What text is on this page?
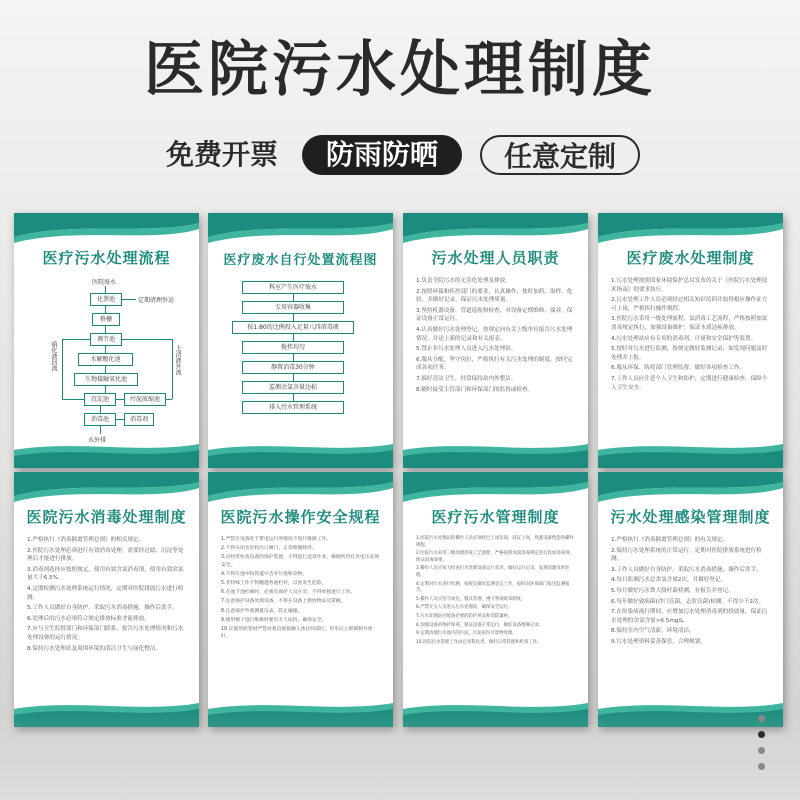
医院污水处理制度
免费开票	防雨防晒	任意定制
医疗污水处理流程
医院废水
化粪池	定期清理外运
格栅
调节池
水解酸化池
生物接触氧化池
沉淀池	污泥浓缩池
消毒池	消毒剂
水外排
硝化液回流	上清液外流
医疗废水自行处置流程图
科室产生医疗废水
专用容器收集
按1:80的比例投入足量八四消毒液
搅拌均匀
静置消毒30分钟
监测余氯含量达标
排入污水管理系统
污水处理人员职责

1.负责全院污水的无害化处理及排放。

2.按照环保和疾控部门的要求，认真操作，按时加药、取样、化验，并做好记录，保证污水处理质量。

3.坚持机器设备、管道巡视和检查，对设备定期维修、保养，保证设备正常运行。

4.认真做好污水处理登记，按规定向有关上级单位报告污水处理情况，并送上新的记录和有关报表。

5.禁止非污水处理人员进入污水处理站。

6.服从分配，坚守岗位，严格执行有关污水处理的制度，按时完成各项任务。

7.搞好清洁卫生，经常保持站内外整洁。

8.随时接受主管部门和环保部门的监督或检查。

医疗废水处理制度

1.污水处理按照国家环境保护总局发布的关于《医院污水处理技术指南》的要求执行。

2.污水处理工作人员必须经过相关知识培训并取得相应操作证方可上岗，严格执行操作规程。

3.医院污水采用一级处理流程，氯消毒工艺流程，严格按照加氯消毒规定执行，加强设备维护，保证水质达标排放。

4.污水处理站应有专用的消毒剂、计量和安全保护等装置。

5.按时对污水进行监测，按规定做好监测记录，如发现问题及时处理并上报。

6.服从环保、防疫部门管理监督，做好各项检查工作。

7.工作人员应注意个人卫生和防护，定期进行健康检查，保障个人卫生安全。

医院污水消毒处理制度

1.严格执行《消毒隔离管理总则》的相关规定。

2.医院污水处理必须进行有效消毒处理，需要经过滤、沉淀等处理后才能进行排放。

3.消毒剂选择应按照规定，使用有效含氯消毒剂，使用有效余氯量大于6.5%。

4.定期检测污水处理系统运行情况，定期对医院排放污水进行检测。

5.工作人员做好自身防护，采取污水消毒措施，操作后洗手。

6.处理后的污水必须符合规定排放标准才能排放。

7.应与卫生监督部门和环保部门联系，报告污水处理情况和污水处理设备的运行情况。

8.保持污水处理站及周围环境的清洁卫生与绿化整洁。

医院污水操作安全规程

1.严禁在设备处于带电运行的情况下进行维修工作。

2.不得关闭水泵和出口闸门，正常维修除外。

3.应经常检查设备的保护装置，不得进行违章作业，修理所用灯具电压必须安全。

4.不得在池中和管道中丢弃垃圾和杂物。

5.非特殊工作不得翻越各池栏杆，以免发生危险。

6.在池下池检修时，必须有保护人员在旁，不得单独进行工作。

7.注意保护设备处理设备，不得在设备上摆放物品及掌握。

8.注意保护外观测量仪表，防止碰撞。

9.使用梯子进行维修时要有专人扶持，确保安全。

10.在使用软管时严禁对着直接接触人体任何部位，用毕后立即卸制并放好。

医疗污水管理制度

1.医院污水处理站的操作人员必须经过上岗培训，持证上岗，熟悉设备性能和操作规程。

2.医院污水采用三级处理消毒工艺流程，严格按照加氯消毒规定进行投加消毒剂，保证消毒效果。

3.操作人员应每天检查污水处理设备运行状况，做好运行记录，发现问题及时处理。

4.定期对污水进行检测，按规定做好监测登记工作，按时向环保部门报送监测报告。

5.操作人员应坚守岗位，服从管理，遵守各项规章制度。

6.严禁无关人员进入污水处理站，确保安全运行。

7.污水处理站应配备必要的防护用品和消防器材。

8.加强设备的维护保养，保证设备正常运行，做好设备维修记录。

9.定期清理污水池内的污泥，污泥按医疗废物处理。

10.医院污水管理工作由总务科负责，做好日常管理和检查工作。

污水处理感染管理制度

1.严格执行《消毒隔离管理总则》的有关规定。

2.保持污水处理系统的正常运行，定期对医院排放系统进行检测。

3.工作人员做好自身防护，采取污水消毒措施，操作后洗手。

4.每日监测污水总余氯含量2次，并做好登记。

5.每月做好污水粪大肠杆菌检测，有报告并登记。

6.每年做好致病菌(沙门氏菌、志贺氏菌)检测，不得少于2次。

7.在传染病流行期间，应增加污水处理消毒剂的投放量，保证污水处理的余氯含量>6.5mg/L。

8.保持室内空气清新，环境清洁。

9.污水处理资料妥善保管，合理规划。
